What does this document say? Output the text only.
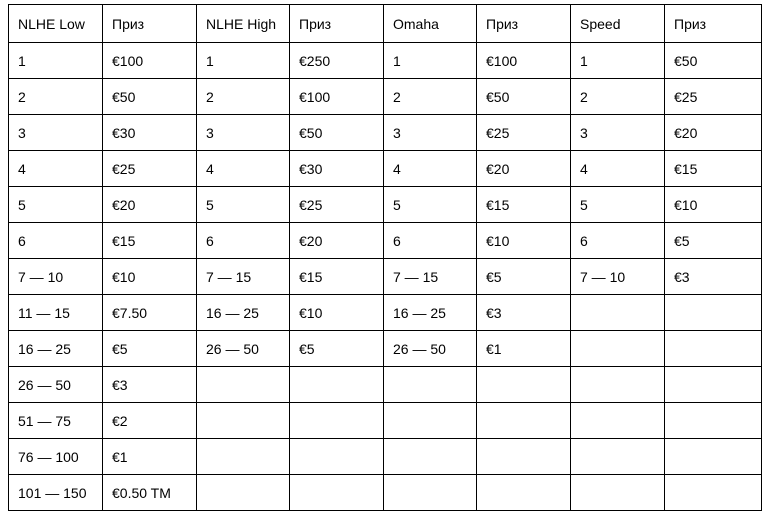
NLHE Low	Приз	NLHE High	Приз	Omaha	Приз	Speed	Приз
1	€100	1	€250	1	€100	1	€50
2	€50	2	€100	2	€50	2	€25
3	€30	3	€50	3	€25	3	€20
4	€25	4	€30	4	€20	4	€15
5	€20	5	€25	5	€15	5	€10
6	€15	6	€20	6	€10	6	€5
7 — 10	€10	7 — 15	€15	7 — 15	€5	7 — 10	€3
11 — 15	€7.50	16 — 25	€10	16 — 25	€3		
16 — 25	€5	26 — 50	€5	26 — 50	€1		
26 — 50	€3						
51 — 75	€2						
76 — 100	€1						
101 — 150	€0.50 TM						
